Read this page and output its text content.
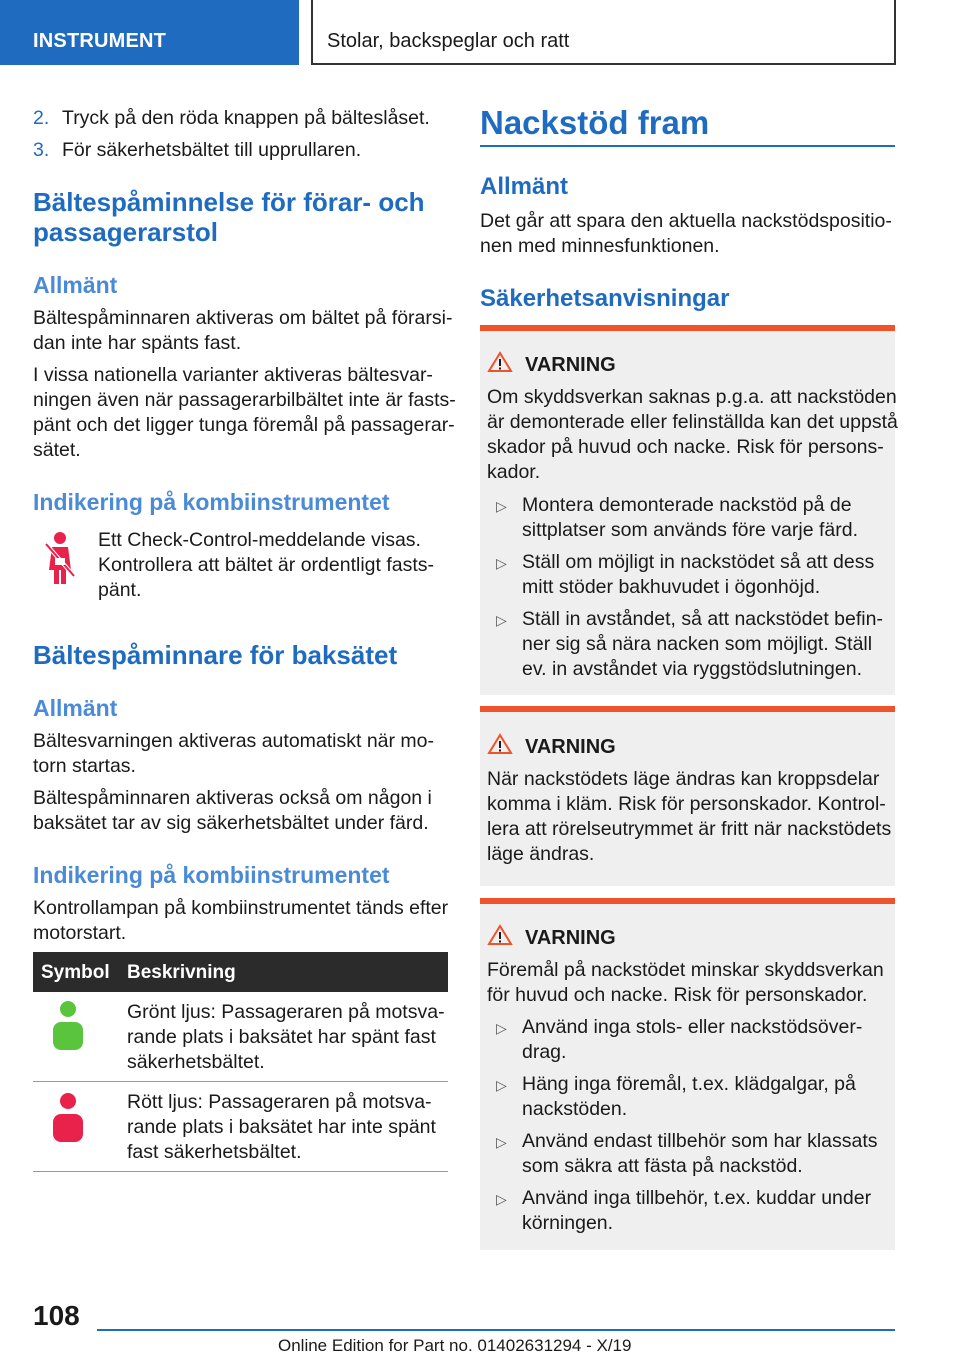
INSTRUMENT	Stolar, backspeglar och ratt
2. Tryck på den röda knappen på bälteslåset.
3. För säkerhetsbältet till upprullaren.
Bältespåminnelse för förar- och
passagerarstol
Allmänt
Bältespåminnaren aktiveras om bältet på förarsi-
dan inte har spänts fast.
I vissa nationella varianter aktiveras bältesvar-
ningen även när passagerarbilbältet inte är fasts-
pänt och det ligger tunga föremål på passagerar-
sätet.
Indikering på kombiinstrumentet
Ett Check-Control-meddelande visas.
Kontrollera att bältet är ordentligt fasts-
pänt.
Bältespåminnare för baksätet
Allmänt
Bältesvarningen aktiveras automatiskt när mo-
torn startas.
Bältespåminnaren aktiveras också om någon i
baksätet tar av sig säkerhetsbältet under färd.
Indikering på kombiinstrumentet
Kontrollampan på kombiinstrumentet tänds efter
motorstart.
Symbol Beskrivning
Grönt ljus: Passageraren på motsva-
rande plats i baksätet har spänt fast
säkerhetsbältet.
Rött ljus: Passageraren på motsva-
rande plats i baksätet har inte spänt
fast säkerhetsbältet.
Nackstöd fram
Allmänt
Det går att spara den aktuella nackstödspositio-
nen med minnesfunktionen.
Säkerhetsanvisningar
VARNING
Om skyddsverkan saknas p.g.a. att nackstöden
är demonterade eller felinställda kan det uppstå
skador på huvud och nacke. Risk för persons-
kador.
▷ Montera demonterade nackstöd på de
sittplatser som används före varje färd.
▷ Ställ om möjligt in nackstödet så att dess
mitt stöder bakhuvudet i ögonhöjd.
▷ Ställ in avståndet, så att nackstödet befin-
ner sig så nära nacken som möjligt. Ställ
ev. in avståndet via ryggstödslutningen.
VARNING
När nackstödets läge ändras kan kroppsdelar
komma i kläm. Risk för personskador. Kontrol-
lera att rörelseutrymmet är fritt när nackstödets
läge ändras.
VARNING
Föremål på nackstödet minskar skyddsverkan
för huvud och nacke. Risk för personskador.
▷ Använd inga stols- eller nackstödsöver-
drag.
▷ Häng inga föremål, t.ex. klädgalgar, på
nackstöden.
▷ Använd endast tillbehör som har klassats
som säkra att fästa på nackstöd.
▷ Använd inga tillbehör, t.ex. kuddar under
körningen.
108
Online Edition for Part no. 01402631294 - X/19
